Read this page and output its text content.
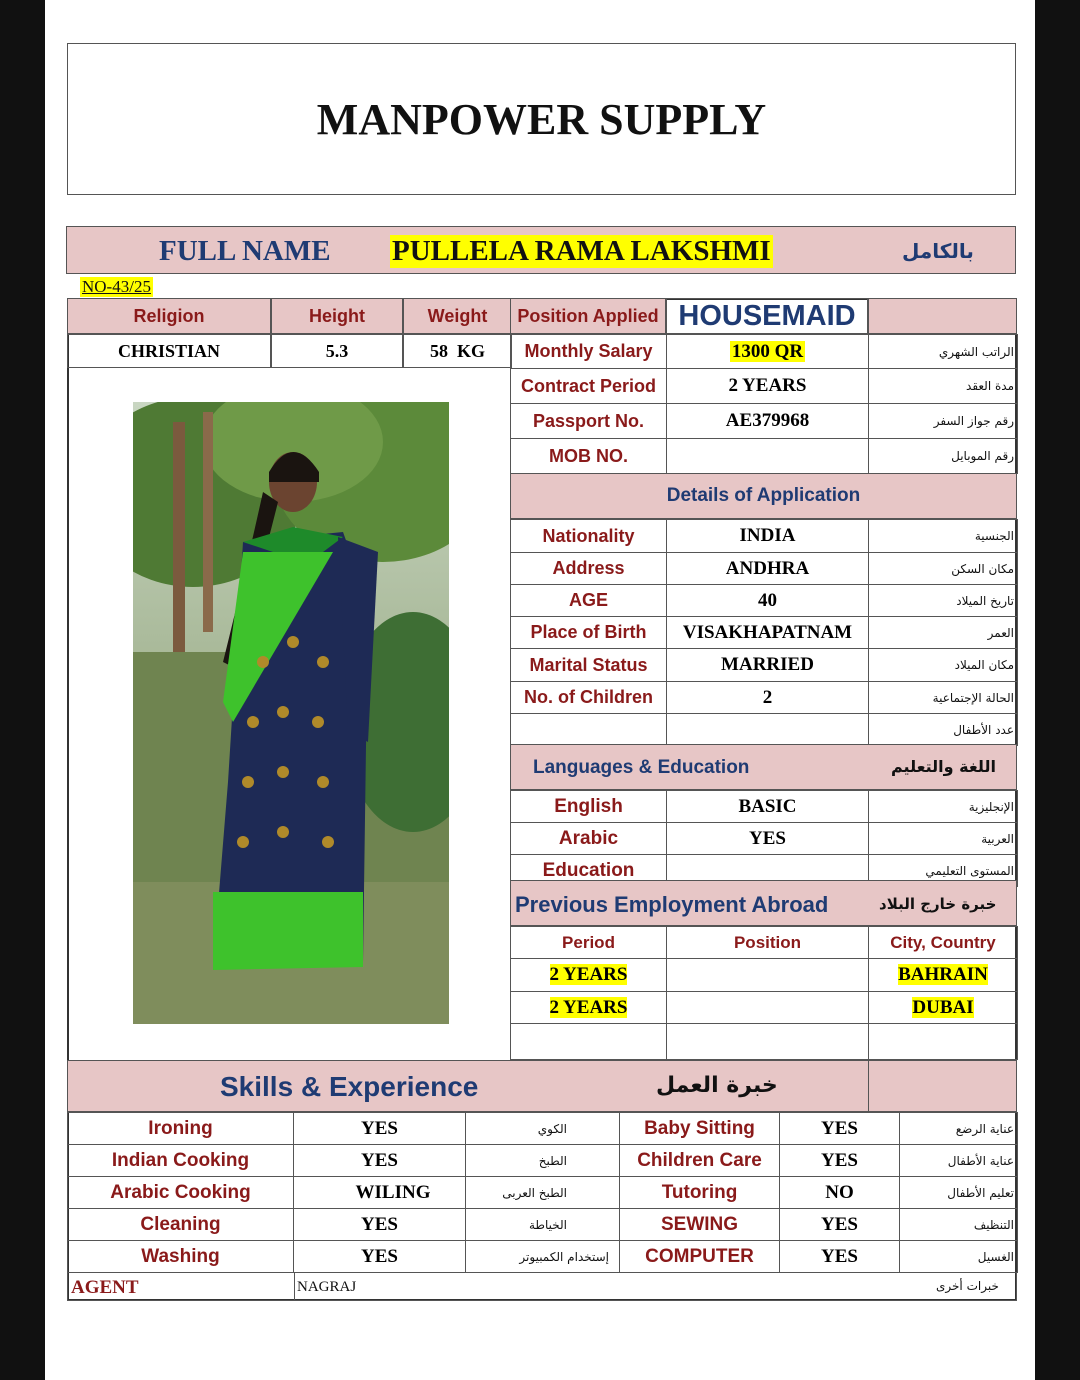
MANPOWER SUPPLY
FULL NAME PULLELA RAMA LAKSHMI	بالكامل
NO-43/25
Religion	Height	Weight
CHRISTIAN	5.3	58  KG
Position Applied HOUSEMAID
Monthly Salary	1300 QR	الراتب الشهري
Contract Period	2 YEARS	مدة العقد
Passport No.	AE379968	رقم جواز السفر
MOB NO.		رقم الموبايل
Details of Application
Nationality	INDIA	الجنسية
Address	ANDHRA	مكان السكن
AGE	40	تاريخ الميلاد
Place of Birth	VISAKHAPATNAM	العمر
Marital Status	MARRIED	مكان الميلاد
No. of Children	2	الحالة الإجتماعية
		عدد الأطفال
Languages & Education	اللغة والتعليم
English	BASIC	الإنجليزية
Arabic	YES	العربية
Education		المستوى التعليمي
Previous Employment Abroad	خبرة خارج البلاد
Period	Position	City, Country
2 YEARS		BAHRAIN
2 YEARS		DUBAI

Skills & Experience	خبرة العمل
Ironing	YES	الكوي	Baby Sitting	YES	عناية الرضع
Indian Cooking	YES	الطبخ	Children Care	YES	عناية الأطفال
Arabic Cooking	WILING	الطبخ العربى	Tutoring	NO	تعليم الأطفال
Cleaning	YES	الخياطة	SEWING	YES	التنظيف
Washing	YES	إستخدام الكمبيوتر	COMPUTER	YES	الغسيل
AGENT	NAGRAJ	خبرات أخرى
